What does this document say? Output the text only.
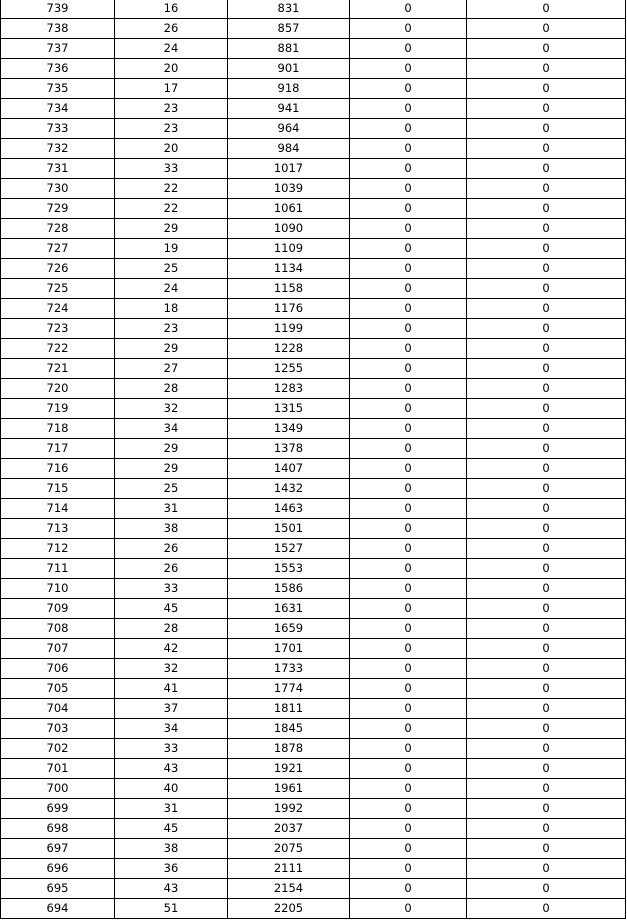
739	16	831	0	0
738	26	857	0	0
737	24	881	0	0
736	20	901	0	0
735	17	918	0	0
734	23	941	0	0
733	23	964	0	0
732	20	984	0	0
731	33	1017	0	0
730	22	1039	0	0
729	22	1061	0	0
728	29	1090	0	0
727	19	1109	0	0
726	25	1134	0	0
725	24	1158	0	0
724	18	1176	0	0
723	23	1199	0	0
722	29	1228	0	0
721	27	1255	0	0
720	28	1283	0	0
719	32	1315	0	0
718	34	1349	0	0
717	29	1378	0	0
716	29	1407	0	0
715	25	1432	0	0
714	31	1463	0	0
713	38	1501	0	0
712	26	1527	0	0
711	26	1553	0	0
710	33	1586	0	0
709	45	1631	0	0
708	28	1659	0	0
707	42	1701	0	0
706	32	1733	0	0
705	41	1774	0	0
704	37	1811	0	0
703	34	1845	0	0
702	33	1878	0	0
701	43	1921	0	0
700	40	1961	0	0
699	31	1992	0	0
698	45	2037	0	0
697	38	2075	0	0
696	36	2111	0	0
695	43	2154	0	0
694	51	2205	0	0
